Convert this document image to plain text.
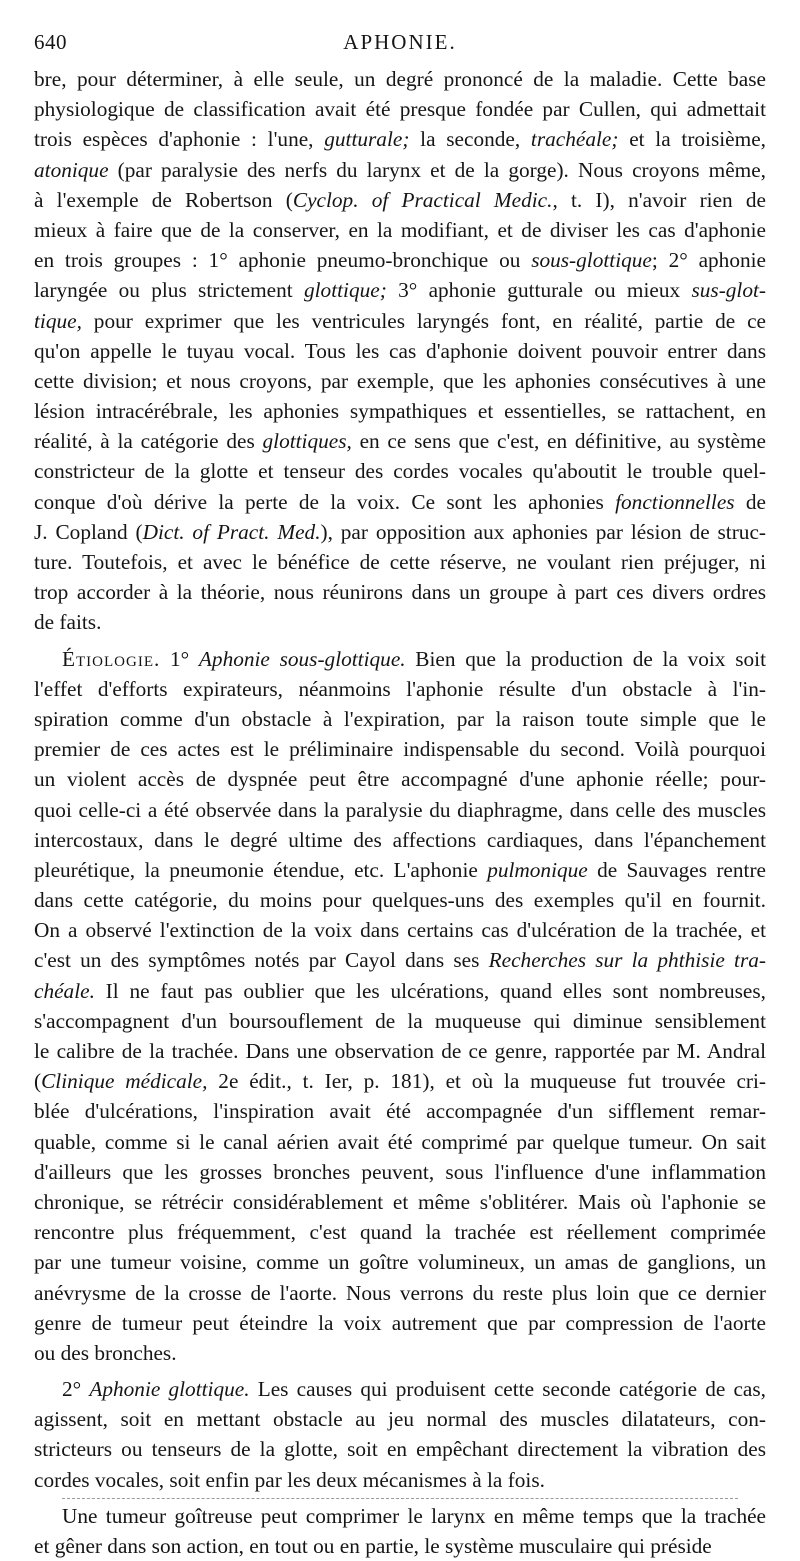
640	APHONIE.
bre, pour déterminer, à elle seule, un degré prononcé de la maladie. Cette base
physiologique de classification avait été presque fondée par Cullen, qui admettait
trois espèces d'aphonie : l'une, gutturale; la seconde, trachéale; et la troisième,
atonique (par paralysie des nerfs du larynx et de la gorge). Nous croyons même,
à l'exemple de Robertson (Cyclop. of Practical Medic., t. I), n'avoir rien de
mieux à faire que de la conserver, en la modifiant, et de diviser les cas d'aphonie
en trois groupes : 1° aphonie pneumo-bronchique ou sous-glottique; 2° aphonie
laryngée ou plus strictement glottique; 3° aphonie gutturale ou mieux sus-glot-
tique, pour exprimer que les ventricules laryngés font, en réalité, partie de ce
qu'on appelle le tuyau vocal. Tous les cas d'aphonie doivent pouvoir entrer dans
cette division; et nous croyons, par exemple, que les aphonies consécutives à une
lésion intracérébrale, les aphonies sympathiques et essentielles, se rattachent, en
réalité, à la catégorie des glottiques, en ce sens que c'est, en définitive, au système
constricteur de la glotte et tenseur des cordes vocales qu'aboutit le trouble quel-
conque d'où dérive la perte de la voix. Ce sont les aphonies fonctionnelles de
J. Copland (Dict. of Pract. Med.), par opposition aux aphonies par lésion de struc-
ture. Toutefois, et avec le bénéfice de cette réserve, ne voulant rien préjuger, ni
trop accorder à la théorie, nous réunirons dans un groupe à part ces divers ordres
de faits.
Étiologie. 1° Aphonie sous-glottique. Bien que la production de la voix soit
l'effet d'efforts expirateurs, néanmoins l'aphonie résulte d'un obstacle à l'in-
spiration comme d'un obstacle à l'expiration, par la raison toute simple que le
premier de ces actes est le préliminaire indispensable du second. Voilà pourquoi
un violent accès de dyspnée peut être accompagné d'une aphonie réelle; pour-
quoi celle-ci a été observée dans la paralysie du diaphragme, dans celle des muscles
intercostaux, dans le degré ultime des affections cardiaques, dans l'épanchement
pleurétique, la pneumonie étendue, etc. L'aphonie pulmonique de Sauvages rentre
dans cette catégorie, du moins pour quelques-uns des exemples qu'il en fournit.
On a observé l'extinction de la voix dans certains cas d'ulcération de la trachée, et
c'est un des symptômes notés par Cayol dans ses Recherches sur la phthisie tra-
chéale. Il ne faut pas oublier que les ulcérations, quand elles sont nombreuses,
s'accompagnent d'un boursouflement de la muqueuse qui diminue sensiblement
le calibre de la trachée. Dans une observation de ce genre, rapportée par M. Andral
(Clinique médicale, 2e édit., t. Ier, p. 181), et où la muqueuse fut trouvée cri-
blée d'ulcérations, l'inspiration avait été accompagnée d'un sifflement remar-
quable, comme si le canal aérien avait été comprimé par quelque tumeur. On sait
d'ailleurs que les grosses bronches peuvent, sous l'influence d'une inflammation
chronique, se rétrécir considérablement et même s'oblitérer. Mais où l'aphonie se
rencontre plus fréquemment, c'est quand la trachée est réellement comprimée
par une tumeur voisine, comme un goître volumineux, un amas de ganglions, un
anévrysme de la crosse de l'aorte. Nous verrons du reste plus loin que ce dernier
genre de tumeur peut éteindre la voix autrement que par compression de l'aorte
ou des bronches.
2° Aphonie glottique. Les causes qui produisent cette seconde catégorie de cas,
agissent, soit en mettant obstacle au jeu normal des muscles dilatateurs, con-
stricteurs ou tenseurs de la glotte, soit en empêchant directement la vibration des
cordes vocales, soit enfin par les deux mécanismes à la fois.
Une tumeur goîtreuse peut comprimer le larynx en même temps que la trachée
et gêner dans son action, en tout ou en partie, le système musculaire qui préside
